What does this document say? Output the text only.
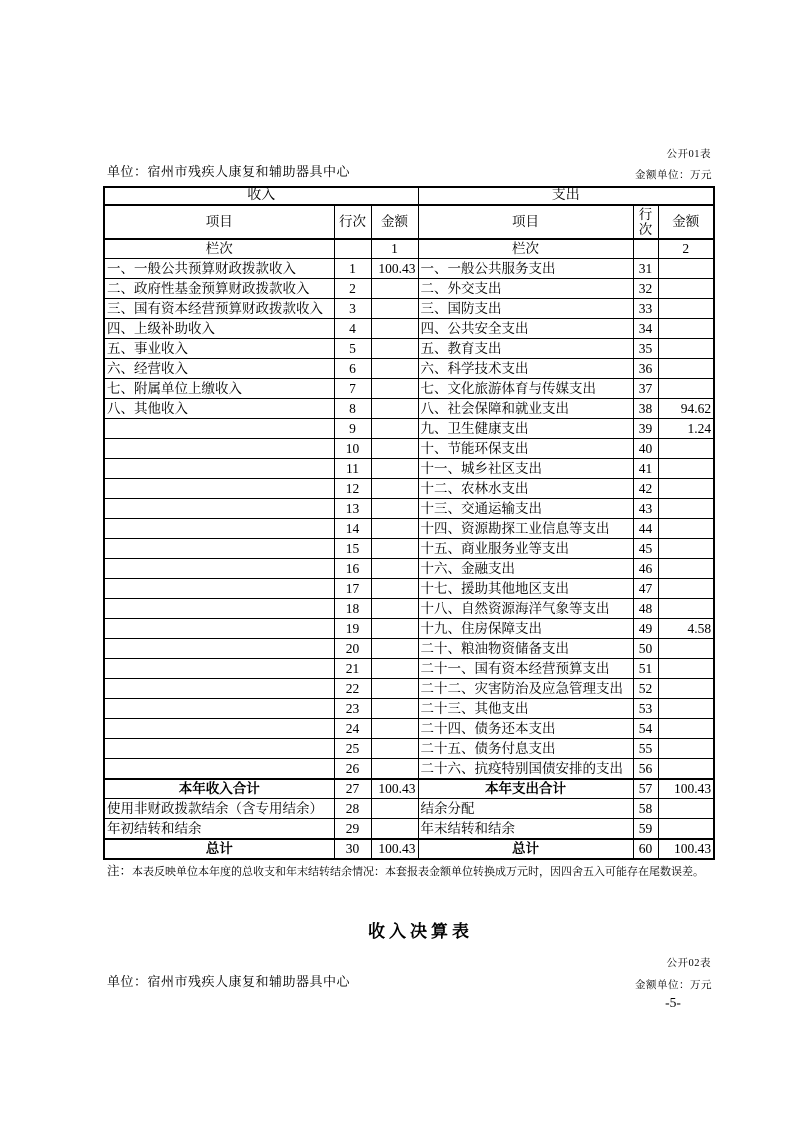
公开01表
单位：宿州市残疾人康复和辅助器具中心	金额单位：万元
收入			支出		
项目	行次	金额	项目	行次	金额
栏次		1	栏次		2
一、一般公共预算财政拨款收入	1	100.43	一、一般公共服务支出	31	
二、政府性基金预算财政拨款收入	2		二、外交支出	32	
三、国有资本经营预算财政拨款收入	3		三、国防支出	33	
四、上级补助收入	4		四、公共安全支出	34	
五、事业收入	5		五、教育支出	35	
六、经营收入	6		六、科学技术支出	36	
七、附属单位上缴收入	7		七、文化旅游体育与传媒支出	37	
八、其他收入	8		八、社会保障和就业支出	38	94.62
	9		九、卫生健康支出	39	1.24
	10		十、节能环保支出	40	
	11		十一、城乡社区支出	41	
	12		十二、农林水支出	42	
	13		十三、交通运输支出	43	
	14		十四、资源勘探工业信息等支出	44	
	15		十五、商业服务业等支出	45	
	16		十六、金融支出	46	
	17		十七、援助其他地区支出	47	
	18		十八、自然资源海洋气象等支出	48	
	19		十九、住房保障支出	49	4.58
	20		二十、粮油物资储备支出	50	
	21		二十一、国有资本经营预算支出	51	
	22		二十二、灾害防治及应急管理支出	52	
	23		二十三、其他支出	53	
	24		二十四、债务还本支出	54	
	25		二十五、债务付息支出	55	
	26		二十六、抗疫特别国债安排的支出	56	
本年收入合计	27	100.43	本年支出合计	57	100.43
使用非财政拨款结余（含专用结余）	28		结余分配	58	
年初结转和结余	29		年末结转和结余	59	
总计	30	100.43	总计	60	100.43
注：本表反映单位本年度的总收支和年末结转结余情况：本套报表金额单位转换成万元时，因四舍五入可能存在尾数误差。
收入决算表
公开02表
单位：宿州市残疾人康复和辅助器具中心	金额单位：万元
-5-
